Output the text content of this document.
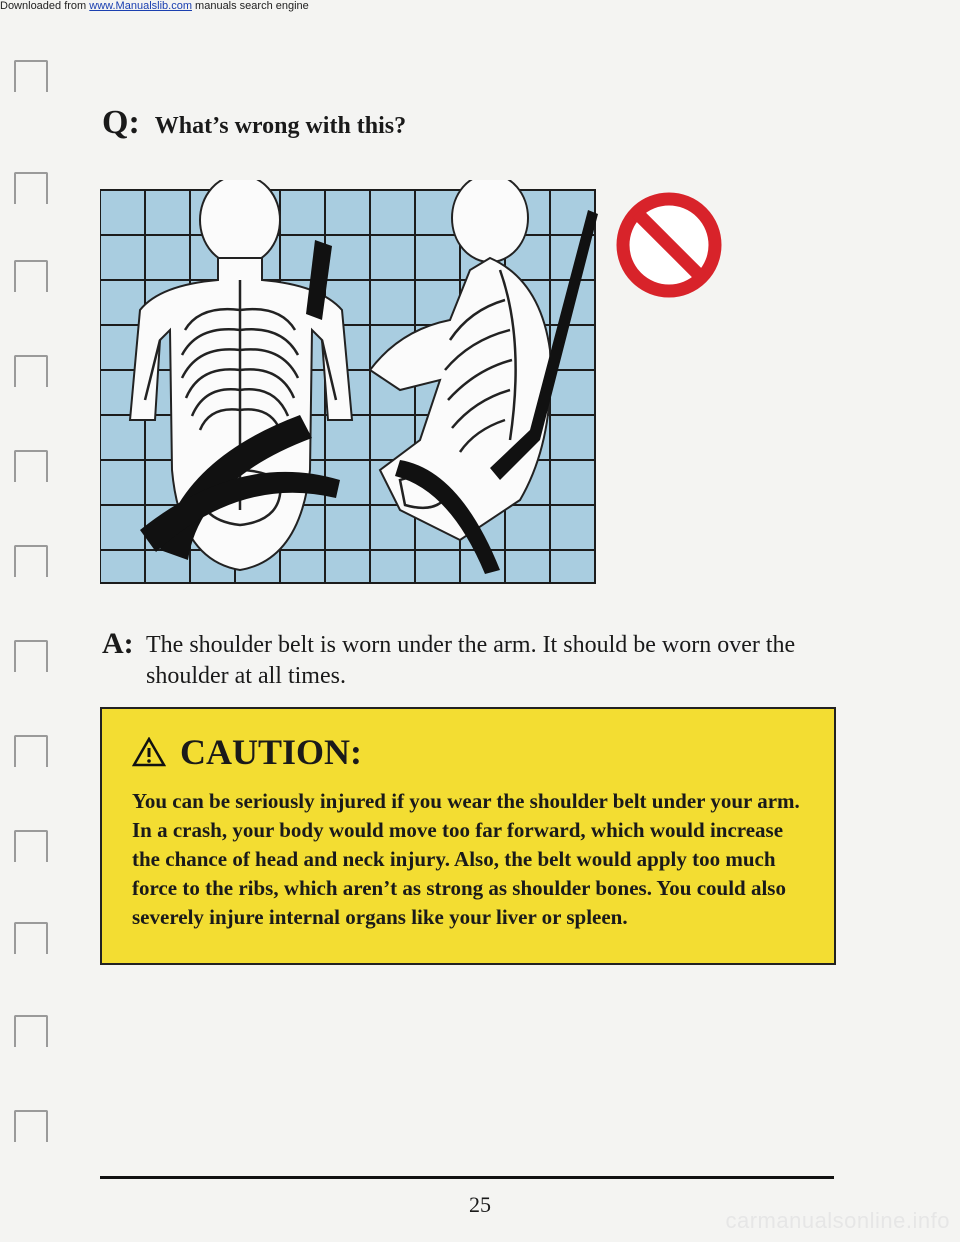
Downloaded from www.Manualslib.com manuals search engine
Q: What’s wrong with this?
A: The shoulder belt is worn under the arm. It should be worn over the shoulder at all times.
CAUTION:
You can be seriously injured if you wear the shoulder belt under your arm. In a crash, your body would move too far forward, which would increase the chance of head and neck injury. Also, the belt would apply too much force to the ribs, which aren’t as strong as shoulder bones. You could also severely injure internal organs like your liver or spleen.
25
carmanualsonline.info
